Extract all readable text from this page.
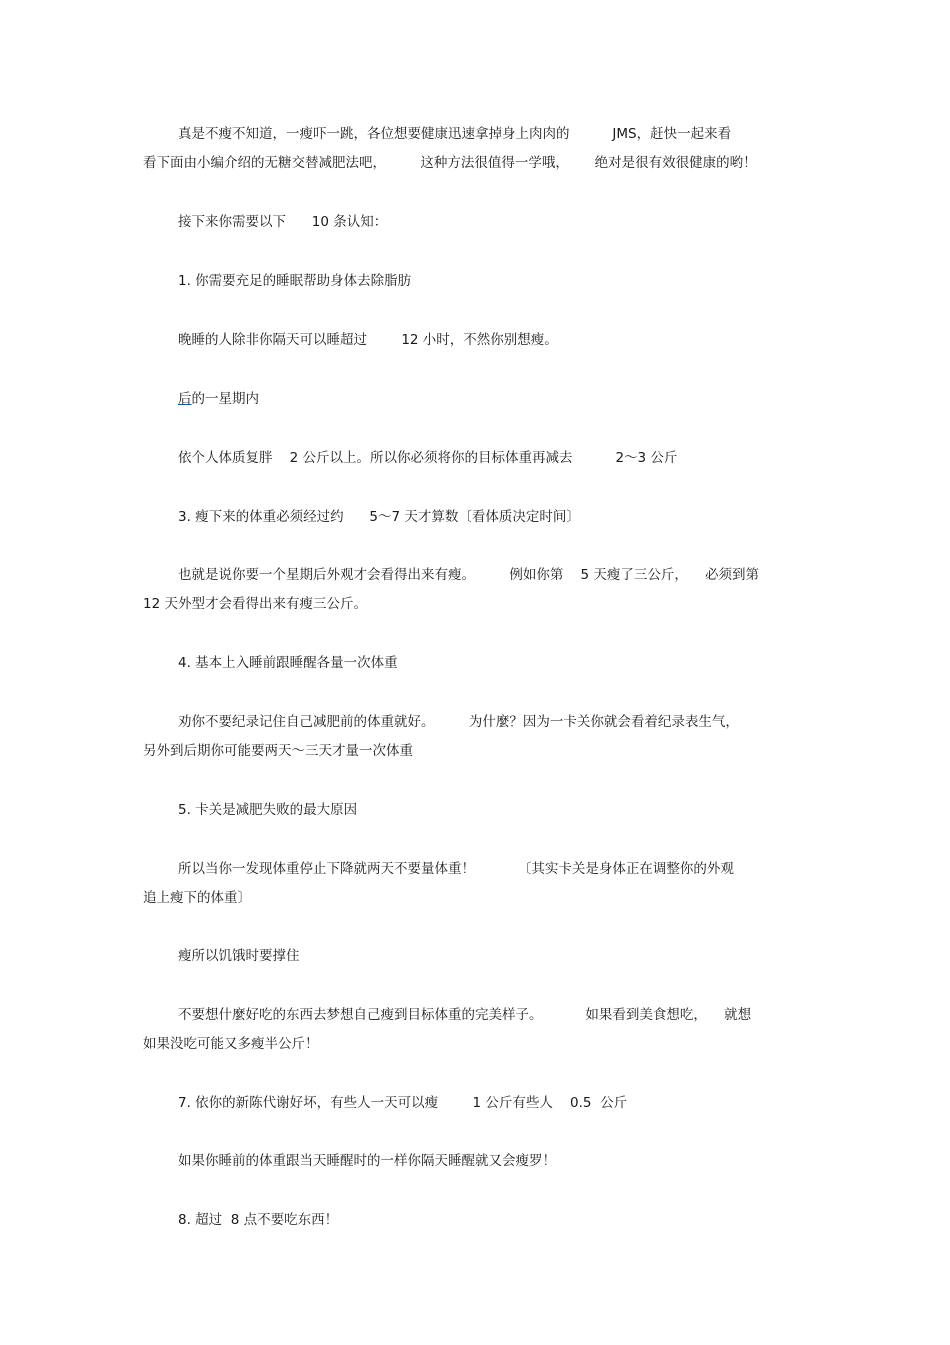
真是不瘦不知道，一瘦吓一跳，各位想要健康迅速拿掉身上肉肉的          JMS，赶快一起来看
看下面由小编介绍的无糖交替减肥法吧，        这种方法很值得一学哦，      绝对是很有效很健康的哟！
接下来你需要以下      10 条认知：
1. 你需要充足的睡眠帮助身体去除脂肪
晚睡的人除非你隔天可以睡超过        12 小时，不然你别想瘦。
后的一星期内
依个人体质复胖    2 公斤以上。所以你必须将你的目标体重再减去          2～3 公斤
3. 瘦下来的体重必须经过约      5～7 天才算数〔看体质决定时间〕
也就是说你要一个星期后外观才会看得出来有瘦。        例如你第    5 天瘦了三公斤，    必须到第
12 天外型才会看得出来有瘦三公斤。
4. 基本上入睡前跟睡醒各量一次体重
劝你不要纪录记住自己减肥前的体重就好。        为什麼？因为一卡关你就会看着纪录表生气，
另外到后期你可能要两天～三天才量一次体重
5. 卡关是减肥失败的最大原因
所以当你一发现体重停止下降就两天不要量体重！          〔其实卡关是身体正在调整你的外观
追上瘦下的体重〕
瘦所以饥饿时要撑住
不要想什麼好吃的东西去梦想自己瘦到目标体重的完美样子。          如果看到美食想吃，    就想
如果没吃可能又多瘦半公斤！
7. 依你的新陈代谢好坏，有些人一天可以瘦        1 公斤有些人    0.5  公斤
如果你睡前的体重跟当天睡醒时的一样你隔天睡醒就又会瘦罗！
8. 超过  8 点不要吃东西！
